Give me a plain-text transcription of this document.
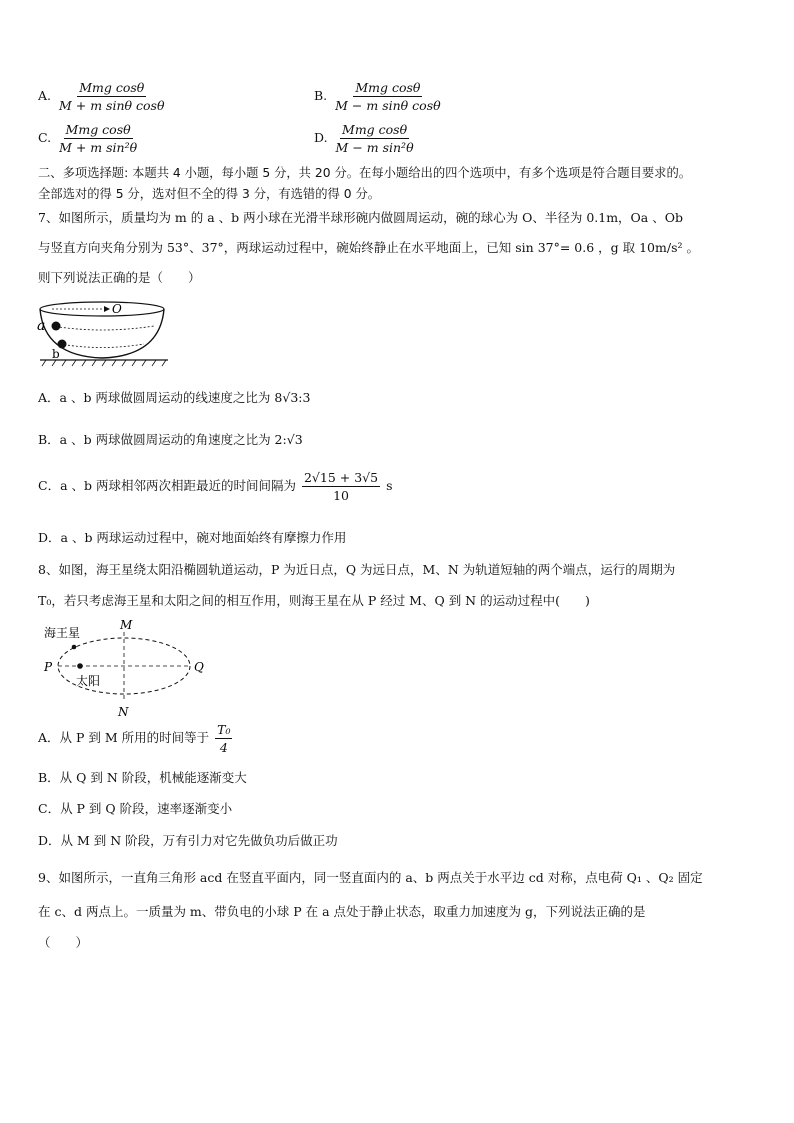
A. $\frac{\text{Mmg cosθ}}{\text{M + m sinθ cosθ}}$	B. $\frac{\text{Mmg cosθ}}{\text{M − m sinθ cosθ}}$
C. $\frac{\text{Mmg cosθ}}{\text{M + m sin²θ}}$	D. $\frac{\text{Mmg cosθ}}{\text{M − m sin²θ}}$
二、多项选择题: 本题共 4 小题，每小题 5 分，共 20 分。在每小题给出的四个选项中，有多个选项是符合题目要求的。
全部选对的得 5 分，选对但不全的得 3 分，有选错的得 0 分。
7、如图所示，质量均为 m 的 a 、b 两小球在光滑半球形碗内做圆周运动，碗的球心为 O、半径为 0.1m，Oa 、Ob
与竖直方向夹角分别为 53°、37°，两球运动过程中，碗始终静止在水平地面上，已知 sin 37°= 0.6 ，g 取 10m/s² 。
则下列说法正确的是（　　）
O
a
b
A．a 、b 两球做圆周运动的线速度之比为 8√3:3
B．a 、b 两球做圆周运动的角速度之比为 2:√3
C．a 、b 两球相邻两次相距最近的时间间隔为 $\frac{2√15 + 3√5}{10}$ s
D．a 、b 两球运动过程中，碗对地面始终有摩擦力作用
8、如图，海王星绕太阳沿椭圆轨道运动，P 为近日点，Q 为远日点，M、N 为轨道短轴的两个端点，运行的周期为
T₀，若只考虑海王星和太阳之间的相互作用，则海王星在从 P 经过 M、Q 到 N 的运动过程中(　　)
海王星
太阳
M
N
P	Q
A．从 P 到 M 所用的时间等于 $\frac{\text{T₀}}{4}$
B．从 Q 到 N 阶段，机械能逐渐变大
C．从 P 到 Q 阶段，速率逐渐变小
D．从 M 到 N 阶段，万有引力对它先做负功后做正功
9、如图所示，一直角三角形 acd 在竖直平面内，同一竖直面内的 a、b 两点关于水平边 cd 对称，点电荷 Q₁ 、Q₂ 固定
在 c、d 两点上。一质量为 m、带负电的小球 P 在 a 点处于静止状态，取重力加速度为 g，下列说法正确的是
（　　）
